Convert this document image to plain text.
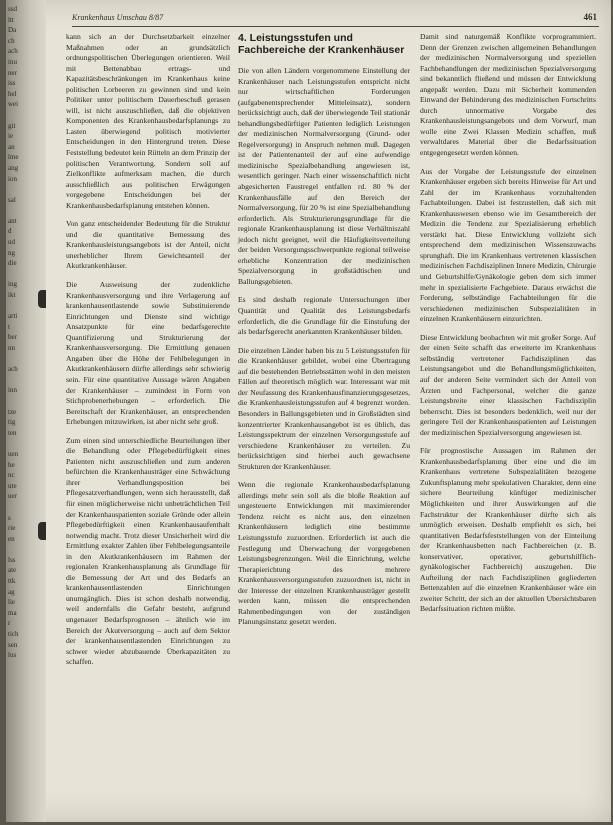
ssd
ltt
Da
ch
ach
inu
ner
iss
hel
wei

git
ie
an
lme
ang
ion

sal

ant
d
ud
ng
die

ing
ikt

arti
t
ber
nn

ach

inn

tze
tig
ten

uen
he
nc
ute
uer

s
rie
en

lss
ate
ttk
ag
lie
ma
r
tich
sen
lus
Krankenhaus Umschau 8/87	461

kann sich an der Durchsetzbarkeit einzelner Maßnahmen oder an grundsätzlich ordnungspolitischen Überlegungen orientieren. Weil mit Bettenabbau ertrags- und Kapazitätsbeschränkungen im Krankenhaus keine politischen Lorbeeren zu gewinnen sind und kein Politiker unter politischem Dauerbeschuß gerasen will, ist nicht auszuschließen, daß die objektiven Komponenten des Krankenhausbedarfsplanungs zu Lasten überwiegend politisch motivierter Entscheidungen in den Hintergrund treten. Diese Feststellung bedeutet kein Rütteln an dem Prinzip der politischen Verantwortung. Sondern soll auf Zielkonflikte aufmerksam machen, die durch ausschließlich aus politischen Erwägungen vorgegebene Entscheidungen bei der Krankenhausbedarfsplanung entstehen können.

Von ganz entscheidender Bedeutung für die Struktur und die quantitative Bemessung des Krankenhausleistungsangebots ist der Anteil, nicht unerheblicher Ihrem Gewichtsanteil der Akutkrankenhäuser.

Die Ausweisung der zudenkliche Krankenhausversorgung und ihre Verlagerung auf krankenhausentlastende sowie Substituierende Einrichtungen und Dienste sind wichtige Ansatzpunkte für eine bedarfsgerechte Quantifizierung und Strukturierung der Krankenhausversorgung. Die Ermittlung genauen Angaben über die Höhe der Fehlbelegungen in Akutkrankenhäusern dürfte allerdings sehr schwierig sein. Für eine quantitative Aussage wären Angaben der Krankenhäuser – zumindest in Form von Stichprobenerhebungen – erforderlich. Die Bereitschaft der Krankenhäuser, an entsprechenden Erhebungen mitzuwirken, ist aber nicht sehr groß.

Zum einen sind unterschiedliche Beurteilungen über die Behandlung oder Pflegebedürftigkeit eines Patienten nicht auszuschließen und zum anderen befürchten die Krankenhausträger eine Schwächung ihrer Verhandlungsposition bei Pflegesatzverhandlungen, wenn sich herausstellt, daß für einen möglicherweise nicht unbeträchtlichen Teil der Krankenhauspatienten soziale Gründe oder allein Pflegebedürftigkeit einen Krankenhausaufenthalt notwendig macht. Trotz dieser Unsicherheit wird die Ermittlung exakter Zahlen über Fehlbelegungsanteile in den Akutkrankenhäusern im Rahmen der regionalen Krankenhausplanung als Grundlage für die Bemessung der Art und des Bedarfs an krankenhausentlastenden Einrichtungen unumgänglich. Dies ist schon deshalb notwendig, weil andernfalls die Gefahr besteht, aufgrund ungenauer Bedarfsprognosen – ähnlich wie im Bereich der Akutversorgung – auch auf dem Sektor der krankenhausentlastenden Einrichtungen zu schwer wieder abzubauende Überkapazitäten zu schaffen.

4. Leistungsstufen und Fachbereiche der Krankenhäuser

Die von allen Ländern vorgenommene Einstellung der Krankenhäuser nach Leistungsstufen entspricht nicht nur wirtschaftlichen Forderungen (aufgabenentsprechender Mitteleinsatz), sondern berücksichtigt auch, daß der überwiegende Teil stationär behandlungsbedürftiger Patienten lediglich Leistungen der medizinischen Normalversorgung (Grund- oder Regelversorgung) in Anspruch nehmen muß. Dagegen ist der Patientenanteil der auf eine aufwendige medizinische Spezialbehandlung angewiesen ist, wesentlich geringer. Nach einer wissenschaftlich nicht abgesicherten Faustregel entfallen rd. 80 % der Krankenhausfälle auf den Bereich der Normalversorgung, für 20 % ist eine Spezialbehandlung erforderlich. Als Strukturierungsgrundlage für die regionale Krankenhausplanung ist diese Verhältniszahl jedoch nicht geeignet, weil die Häufigkeitsverteilung der beiden Versorgungsschwerpunkte regional teilweise erhebliche Konzentration der medizinischen Spezialversorgung in großstädtischen und Ballungsgebieten.

Es sind deshalb regionale Untersuchungen über Quantität und Qualität des Leistungsbedarfs erforderlich, die die Grundlage für die Einstufung der als bedarfsgerecht anerkannten Krankenhäuser bilden.

Die einzelnen Länder haben bis zu 5 Leistungsstufen für die Krankenhäuser gebildet, wobei eine Übertragung auf die bestehenden Betriebsstätten wohl in den meisten Fällen auf theoretisch möglich war. Interessant war mit der Neufassung des Krankenhausfinanzierungsgesetzes, die Krankenhausleistungsstufen auf 4 begrenzt worden. Besonders in Ballungsgebieten und in Großstädten sind konzentrierter Krankenhausangebot ist es üblich, das Leistungsspektrum der einzelnen Versorgungsstufe auf verschiedene Krankenhäuser zu verteilen. Zu berücksichtigen sind hierbei auch gewachsene Strukturen der Krankenhäuser.

Wenn die regionale Krankenhausbedarfsplanung allerdings mehr sein soll als die bloße Reaktion auf ungesteuerte Entwicklungen mit maximierender Tendenz reicht es nicht aus, den einzelnen Krankenhäusern lediglich eine bestimmte Leistungsstufe zuzuordnen. Erforderlich ist auch die Festlegung und Überwachung der vorgegebenen Leistungsbegrenzungen. Weil die Einrichtung, welche Therapierichtung des mehrere Krankenhausversorgungsstufen zuzuordnen ist, nicht in der Interesse der einzelnen Krankenhausträger gestellt werden kann, müssen die entsprechenden Rahmenbedingungen von der zuständigen Planungsinstanz gesetzt werden.

Damit sind naturgemäß Konflikte vorprogrammiert. Denn der Grenzen zwischen allgemeinen Behandlungen der medizinischen Normalversorgung und speziellen Fachbehandlungen der medizinischen Spezialversorgung sind bekanntlich fließend und müssen der Entwicklung angepaßt werden. Dazu mit Sicherheit kommenden Einwand der Behinderung des medizinischen Fortschritts durch unnormative Vorgabe des Krankenhausleistungsangebots und dem Vorwurf, man wolle eine Zwei Klassen Medizin schaffen, muß verwaltdares Material über die Bedarfssituation entgegengesetzt werden können.

Aus der Vorgabe der Leistungsstufe der einzelnen Krankenhäuser ergeben sich bereits Hinweise für Art und Zahl der im Krankenhaus vorzuhaltenden Fachabteilungen. Dabei ist festzustellen, daß sich mit Krankenhauswesen ebenso wie im Gesamtbereich der Medizin die Tendenz zur Spezialisierung erheblich verstärkt hat. Diese Entwicklung vollzieht sich entsprechend dem medizinischen Wissenszuwachs sprunghaft. Die im Krankenhaus vertretenen klassischen medizinischen Fachdisziplinen Innere Medizin, Chirurgie und Geburtshilfe/Gynäkologie geben dem sich immer mehr in spezialisierte Fachgebiete. Daraus erwächst die Forderung, selbständige Fachabteilungen für die verschiedenen medizinischen Subspezialitäten in einzelnen Krankenhäusern einzurichten.

Diese Entwicklung beobachten wir mit großer Sorge. Auf der einen Seite schafft das erweiterte im Krankenhaus selbständig vertretener Fachdisziplinen das Leistungsangebot und die Behandlungsmöglichkeiten, auf der anderen Seite vermindert sich der Anteil von Ärzten und Fachpersonal, welcher die ganze Leistungsbreite einer klassischen Fachdisziplin beherrscht. Dies ist besonders bedenklich, weil nur der geringere Teil der Krankenhauspatienten auf Leistungen der medizinischen Spezialversorgung angewiesen ist.

Für prognostische Aussagen im Rahmen der Krankenhausbedarfsplanung über eine und die im Krankenhaus vertretene Subspezialitäten bezogene Zukunftsplanung mehr spekulativen Charakter, denn eine sichere Beurteilung künftiger medizinischer Möglichkeiten und ihrer Auswirkungen auf die Fachstruktur der Krankenhäuser dürfte sich als unmöglich erweisen. Deshalb empfiehlt es sich, bei quantitativen Bedarfsfeststellungen von der Einteilung der Krankenhausbetten nach Fachbereichen (z. B. konservativer, operativer, geburtshilflich-gynäkologischer Fachbereich) auszugehen. Die Aufteilung der nach Fachdisziplinen gegliederten Bettenzahlen auf die einzelnen Krankenhäuser wäre ein zweiter Schritt, der sich an der aktuellen Ubersichtsbaren Bedarfssituation richten müßte.
